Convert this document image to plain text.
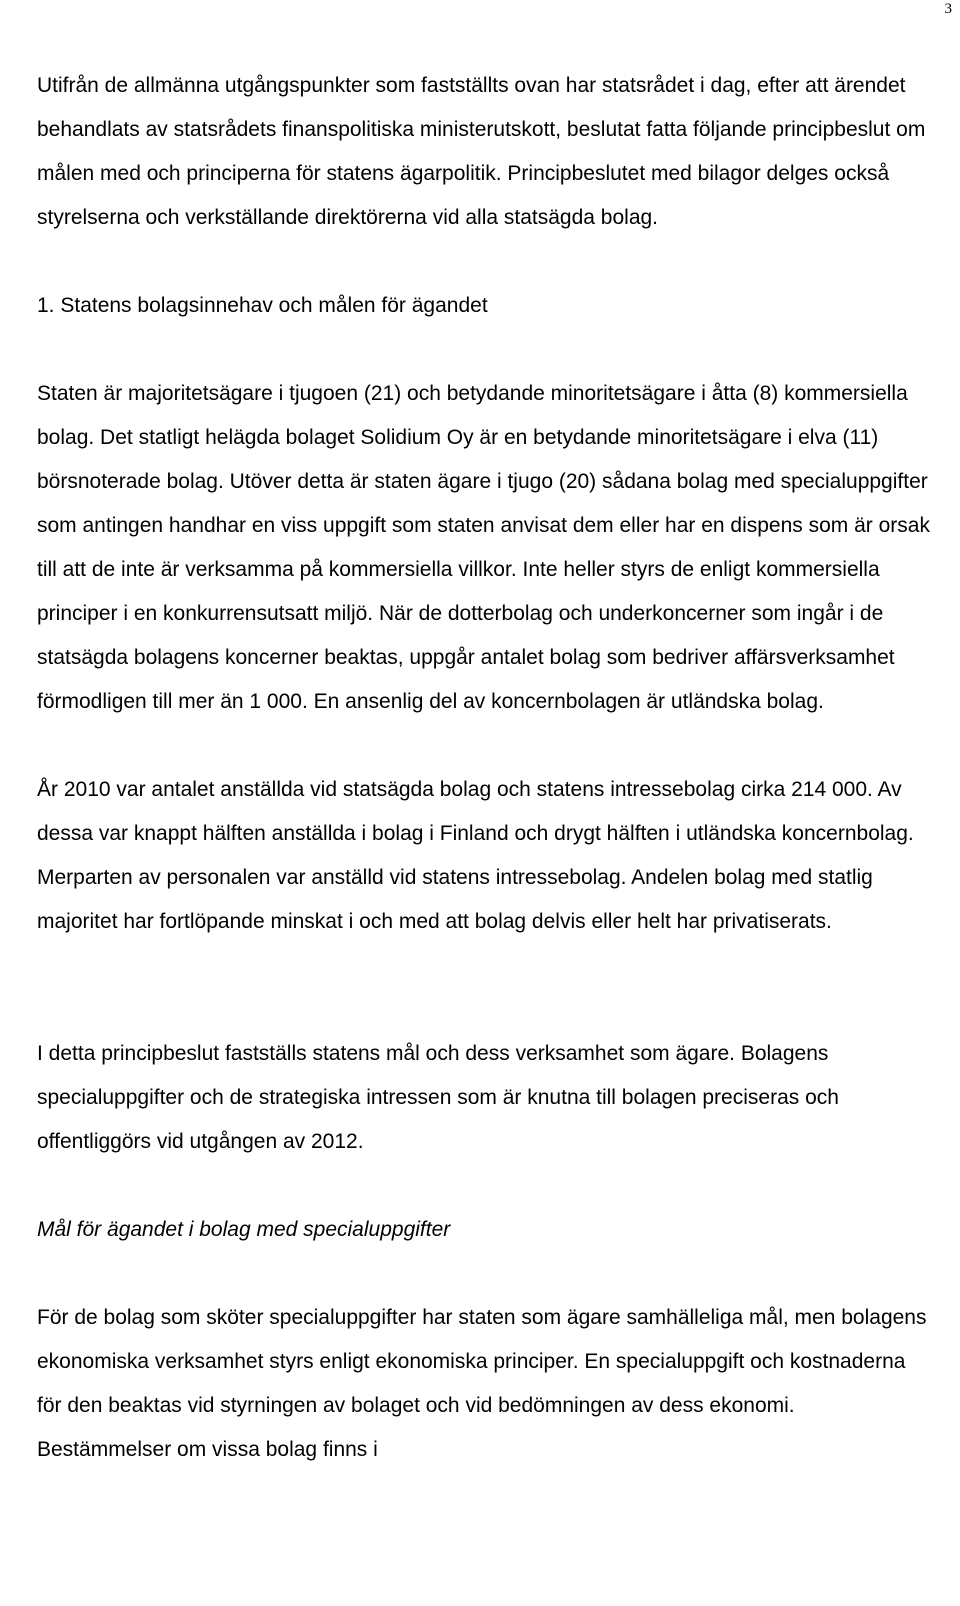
3

Utifrån de allmänna utgångspunkter som fastställts ovan har statsrådet i dag, efter att ärendet behandlats av statsrådets finanspolitiska ministerutskott, beslutat fatta följande principbeslut om målen med och principerna för statens ägarpolitik. Principbeslutet med bilagor delges också styrelserna och verkställande direktörerna vid alla statsägda bolag.

1. Statens bolagsinnehav och målen för ägandet

Staten är majoritetsägare i tjugoen (21) och betydande minoritetsägare i åtta (8) kommersiella bolag. Det statligt helägda bolaget Solidium Oy är en betydande minoritetsägare i elva (11) börsnoterade bolag. Utöver detta är staten ägare i tjugo (20) sådana bolag med specialuppgifter som antingen handhar en viss uppgift som staten anvisat dem eller har en dispens som är orsak till att de inte är verksamma på kommersiella villkor. Inte heller styrs de enligt kommersiella principer i en konkurrensutsatt miljö. När de dotterbolag och underkoncerner som ingår i de statsägda bolagens koncerner beaktas, uppgår antalet bolag som bedriver affärsverksamhet förmodligen till mer än 1 000. En ansenlig del av koncernbolagen är utländska bolag.

År 2010 var antalet anställda vid statsägda bolag och statens intressebolag cirka 214 000. Av dessa var knappt hälften anställda i bolag i Finland och drygt hälften i utländska koncernbolag. Merparten av personalen var anställd vid statens intressebolag. Andelen bolag med statlig majoritet har fortlöpande minskat i och med att bolag delvis eller helt har privatiserats.

I detta principbeslut fastställs statens mål och dess verksamhet som ägare. Bolagens specialuppgifter och de strategiska intressen som är knutna till bolagen preciseras och offentliggörs vid utgången av 2012.

Mål för ägandet i bolag med specialuppgifter

För de bolag som sköter specialuppgifter har staten som ägare samhälleliga mål, men bolagens ekonomiska verksamhet styrs enligt ekonomiska principer. En specialuppgift och kostnaderna för den beaktas vid styrningen av bolaget och vid bedömningen av dess ekonomi. Bestämmelser om vissa bolag finns i
